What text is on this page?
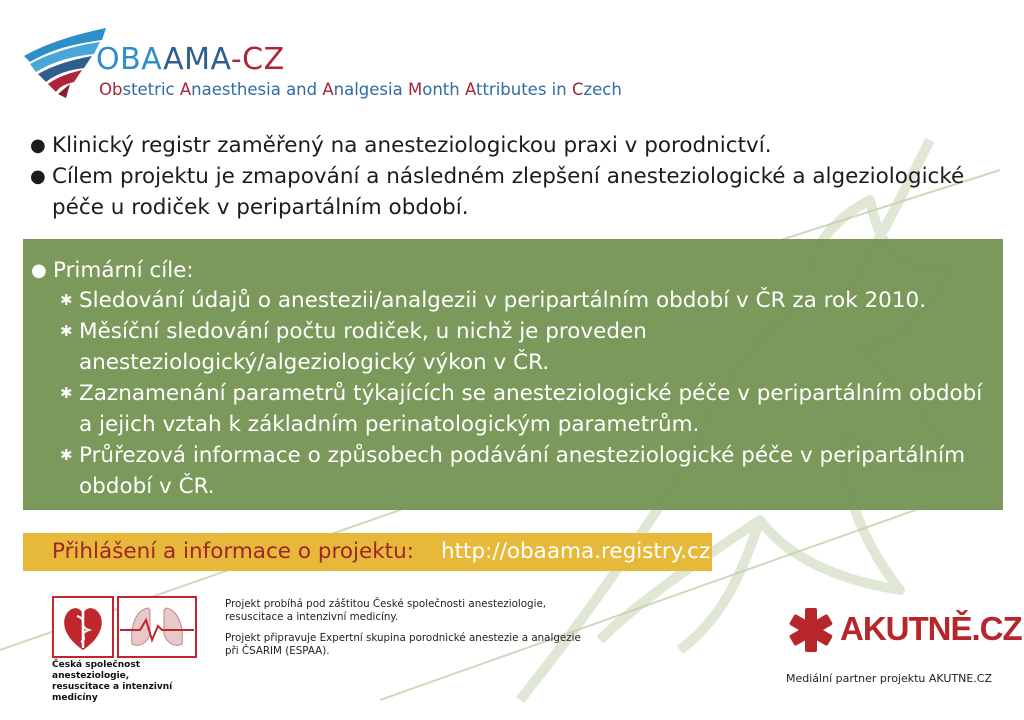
OBAAMA-CZ
Obstetric Anaesthesia and Analgesia Month Attributes in Czech
● Klinický registr zaměřený na anesteziologickou praxi v porodnictví.
● Cílem projektu je zmapování a následném zlepšení anesteziologické a algeziologické péče u rodiček v peripartálním období.
● Primární cíle:
✱ Sledování údajů o anestezii/analgezii v peripartálním období v ČR za rok 2010.
✱ Měsíční sledování počtu rodiček, u nichž je proveden anesteziologický/algeziologický výkon v ČR.
✱ Zaznamenání parametrů týkajících se anesteziologické péče v peripartálním období a jejich vztah k základním perinatologickým parametrům.
✱ Průřezová informace o způsobech podávání anesteziologické péče v peripartálním období v ČR.
Přihlášení a informace o projektu: http://obaama.registry.cz
Česká společnost anesteziologie,
resuscitace a intenzivní medicíny

Projekt probíhá pod záštitou České společnosti anesteziologie, resuscitace a intenzivní medicíny.

Projekt připravuje Expertní skupina porodnické anestezie a analgezie při ČSARIM (ESPAA).

AKUTNĚ.CZ
Mediální partner projektu AKUTNE.CZ
